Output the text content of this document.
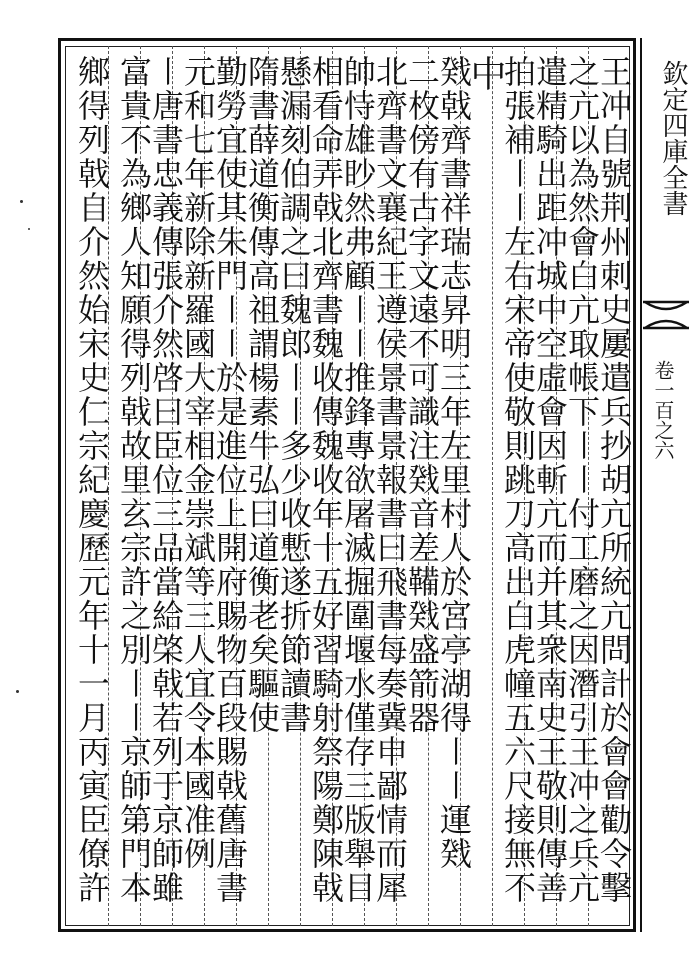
欽定四庫全書
卷一百之六
王冲自號荆州刺史屢遣兵抄胡亢所統亢問計於會會勸令擊
之亢以為然會白亢取帳下〡〡付工磨之因潛引王冲之兵亢
遣精騎出距冲城中空虛會因斬亢而并其衆南史王敬則傳善
拍張補〡〡左右宋帝使敬則跳刀高出白虎幢五六尺接無不
中
戣戟齊書祥瑞志昇明三年左里村人於宮亭湖得〡〡運戣
二枚傍有古字文遠不可識注戣音差鞴戣盛箭器
北齊書文襄紀王遵侯景書景報書曰飛書每奏冀申鄙情而犀
帥恃雄眇然弗顧〡〡推鋒專欲屠滅掘圍堰水僅存三版舉目
相看命弄戟北齊書魏收傳魏收年十五好習騎射祭陽鄭陳戟
懸漏刻伯調之曰魏郎〡〡多少收慙遂折節讀書
隋書薛道衡傳高祖謂楊素牛弘曰道衡老矣驅使
勤勞宜使其朱門〡〡於是進位上開府賜物百段賜戟舊唐書
元和七年新除新羅國大宰相金崇斌等三人宜令本國准例
〡唐書忠義傳張介然啓曰臣位三品當給棨戟若列于京師雖
富貴不為鄉人知願得列戟故里玄宗許之別〡〡京師第門本
鄉得列戟自介然始宋史仁宗紀慶歷元年十一月丙寅臣僚許
